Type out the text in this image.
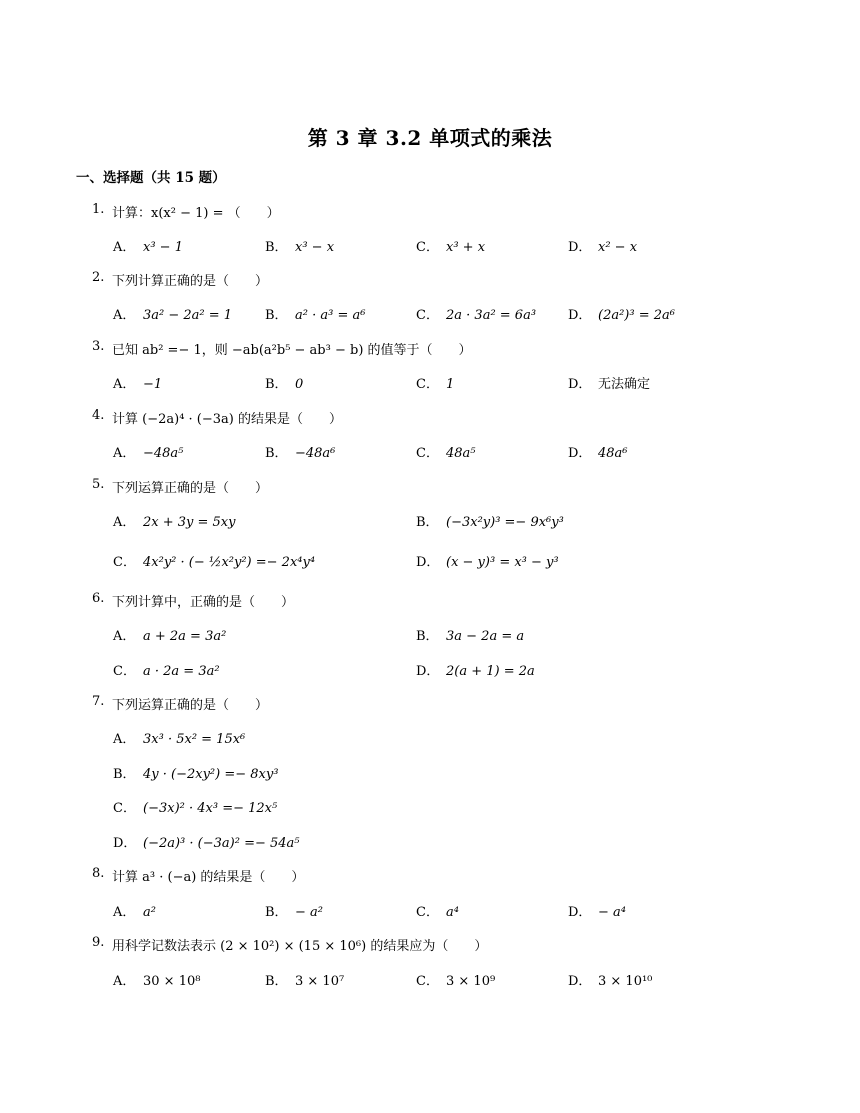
第 3 章 3.2 单项式的乘法
一、选择题（共 15 题）
1. 计算：x(x² − 1) = （　　）
A． x³ − 1	B． x³ − x	C． x³ + x	D． x² − x
2. 下列计算正确的是（　　）
A． 3a² − 2a² = 1	B． a² · a³ = a⁶	C． 2a · 3a² = 6a³ D． (2a²)³ = 2a⁶
3. 已知 ab² =− 1，则 −ab(a²b⁵ − ab³ − b) 的值等于（　　）
A． −1	B． 0	C． 1	D． 无法确定
4. 计算 (−2a)⁴ · (−3a) 的结果是（　　）
A． −48a⁵	B． −48a⁶	C． 48a⁵	D． 48a⁶
5. 下列运算正确的是（　　）
A． 2x + 3y = 5xy	B． (−3x²y)³ =− 9x⁶y³
C． 4x²y² · (− ½x²y²) =− 2x⁴y⁴	D． (x − y)³ = x³ − y³
6. 下列计算中，正确的是（　　）
A． a + 2a = 3a²	B． 3a − 2a = a
C． a · 2a = 3a²	D． 2(a + 1) = 2a
7. 下列运算正确的是（　　）
A． 3x³ · 5x² = 15x⁶
B． 4y · (−2xy²) =− 8xy³
C． (−3x)² · 4x³ =− 12x⁵
D． (−2a)³ · (−3a)² =− 54a⁵
8. 计算 a³ · (−a) 的结果是（　　）
A． a²	B． − a²	C． a⁴	D． − a⁴
9. 用科学记数法表示 (2 × 10²) × (15 × 10⁶) 的结果应为（　　）
A． 30 × 10⁸	B． 3 × 10⁷	C． 3 × 10⁹	D． 3 × 10¹⁰
